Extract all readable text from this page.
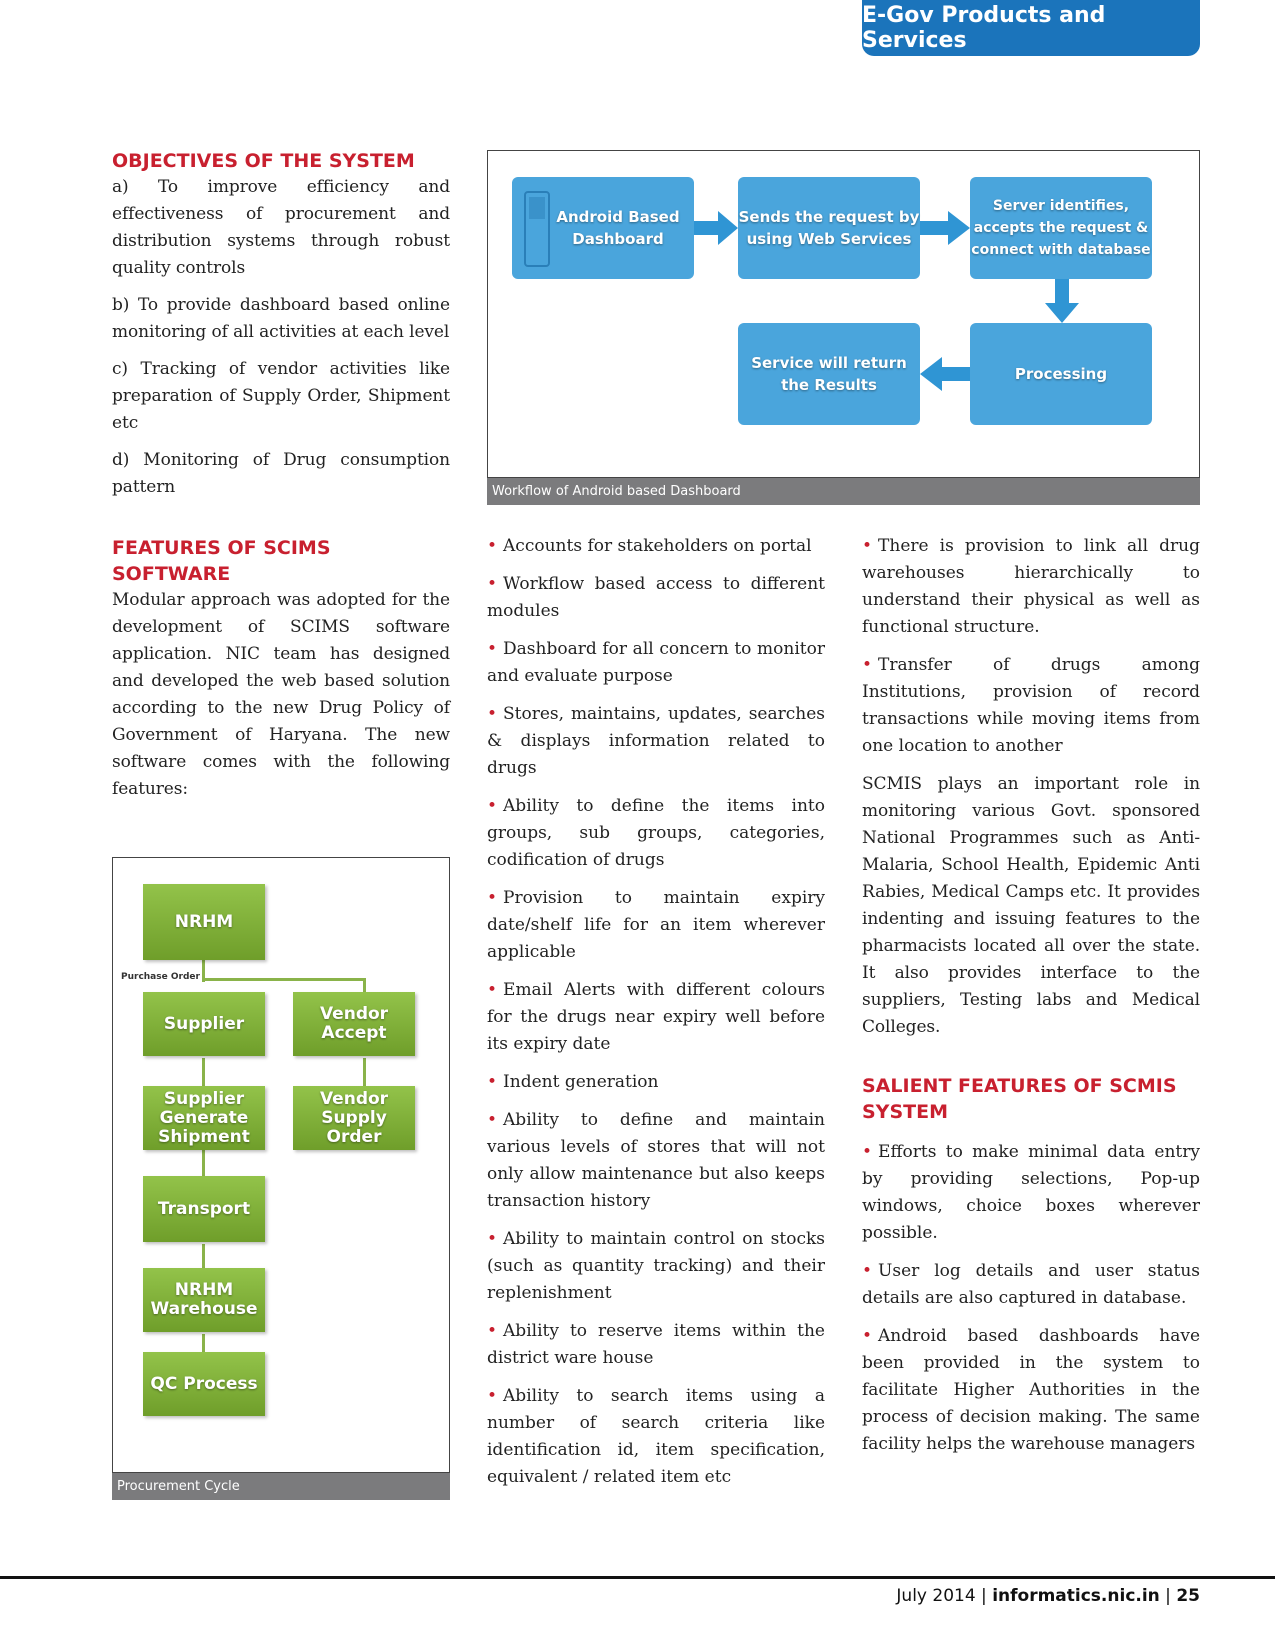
E-Gov Products and Services
OBJECTIVES OF THE SYSTEM
a) To improve efficiency and effectiveness of procurement and distribution systems through robust quality controls
b) To provide dashboard based online monitoring of all activities at each level
c) Tracking of vendor activities like preparation of Supply Order, Shipment etc
d) Monitoring of Drug consumption pattern
FEATURES OF SCIMS SOFTWARE
Modular approach was adopted for the development of SCIMS software application. NIC team has designed and developed the web based solution according to the new Drug Policy of Government of Haryana. The new software comes with the following features:
Android Based Dashboard
Sends the request by using Web Services
Server identifies, accepts the request & connect with database
Processing
Service will return the Results
Workflow of Android based Dashboard
Purchase Order
NRHM
Supplier	Vendor Accept
Supplier Generate Shipment
Vendor Supply Order
Transport
NRHM Warehouse
QC Process
Procurement Cycle
• Accounts for stakeholders on portal
• Workflow based access to different modules
• Dashboard for all concern to monitor and evaluate purpose
• Stores, maintains, updates, searches & displays information related to drugs
• Ability to define the items into groups, sub groups, categories, codification of drugs
• Provision to maintain expiry date/shelf life for an item wherever applicable
• Email Alerts with different colours for the drugs near expiry well before its expiry date
• Indent generation
• Ability to define and maintain various levels of stores that will not only allow maintenance but also keeps transaction history
• Ability to maintain control on stocks (such as quantity tracking) and their replenishment
• Ability to reserve items within the district ware house
• Ability to search items using a number of search criteria like identification id, item specification, equivalent / related item etc
• There is provision to link all drug warehouses hierarchically to understand their physical as well as functional structure.
• Transfer of drugs among Institutions, provision of record transactions while moving items from one location to another
SCMIS plays an important role in monitoring various Govt. sponsored National Programmes such as Anti-Malaria, School Health, Epidemic Anti Rabies, Medical Camps etc. It provides indenting and issuing features to the pharmacists located all over the state. It also provides interface to the suppliers, Testing labs and Medical Colleges.
SALIENT FEATURES OF SCMIS SYSTEM
• Efforts to make minimal data entry by providing selections, Pop-up windows, choice boxes wherever possible.
• User log details and user status details are also captured in database.
• Android based dashboards have been provided in the system to facilitate Higher Authorities in the process of decision making. The same facility helps the warehouse managers
July 2014 | informatics.nic.in | 25
